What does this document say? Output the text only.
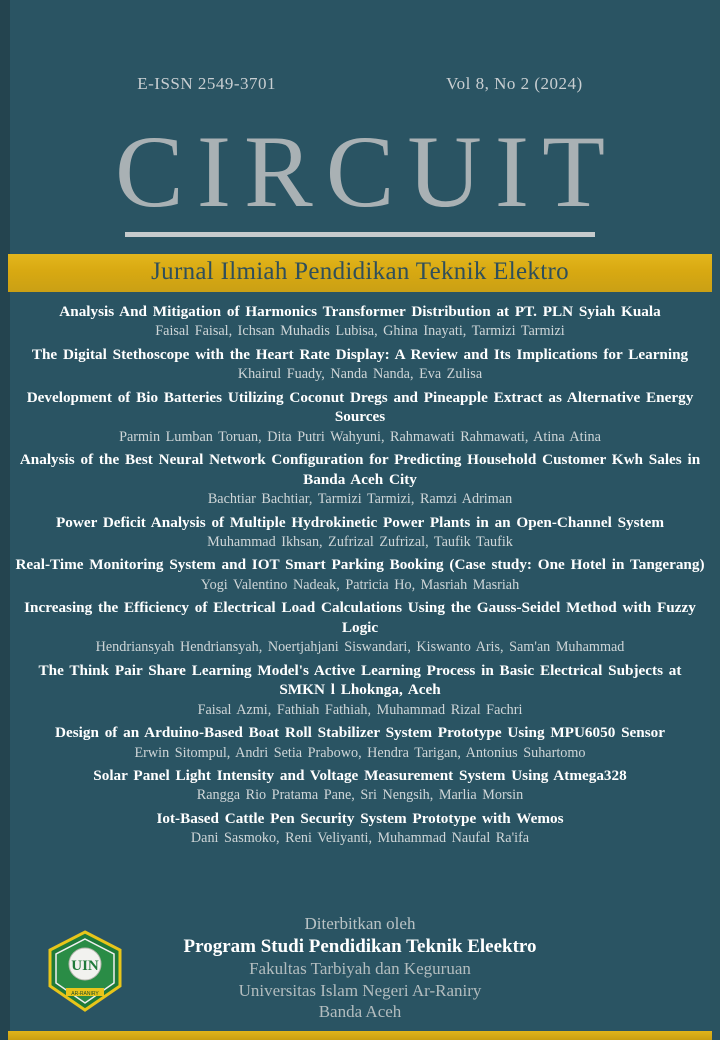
E-ISSN 2549-3701	Vol 8, No 2 (2024)
CIRCUIT
Jurnal Ilmiah Pendidikan Teknik Elektro
Analysis And Mitigation of Harmonics Transformer Distribution at PT. PLN Syiah Kuala
Faisal Faisal, Ichsan Muhadis Lubisa, Ghina Inayati, Tarmizi Tarmizi
The Digital Stethoscope with the Heart Rate Display: A Review and Its Implications for Learning
Khairul Fuady, Nanda Nanda, Eva Zulisa
Development of Bio Batteries Utilizing Coconut Dregs and Pineapple Extract as Alternative Energy Sources
Parmin Lumban Toruan, Dita Putri Wahyuni, Rahmawati Rahmawati, Atina Atina
Analysis of the Best Neural Network Configuration for Predicting Household Customer Kwh Sales in Banda Aceh City
Bachtiar Bachtiar, Tarmizi Tarmizi, Ramzi Adriman
Power Deficit Analysis of Multiple Hydrokinetic Power Plants in an Open-Channel System
Muhammad Ikhsan, Zufrizal Zufrizal, Taufik Taufik
Real-Time Monitoring System and IOT Smart Parking Booking (Case study: One Hotel in Tangerang)
Yogi Valentino Nadeak, Patricia Ho, Masriah Masriah
Increasing the Efficiency of Electrical Load Calculations Using the Gauss-Seidel Method with Fuzzy Logic
Hendriansyah Hendriansyah, Noertjahjani Siswandari, Kiswanto Aris, Sam'an Muhammad
The Think Pair Share Learning Model's Active Learning Process in Basic Electrical Subjects at SMKN l Lhoknga, Aceh
Faisal Azmi, Fathiah Fathiah, Muhammad Rizal Fachri
Design of an Arduino-Based Boat Roll Stabilizer System Prototype Using MPU6050 Sensor
Erwin Sitompul, Andri Setia Prabowo, Hendra Tarigan, Antonius Suhartomo
Solar Panel Light Intensity and Voltage Measurement System Using Atmega328
Rangga Rio Pratama Pane, Sri Nengsih, Marlia Morsin
Iot-Based Cattle Pen Security System Prototype with Wemos
Dani Sasmoko, Reni Veliyanti, Muhammad Naufal Ra'ifa
UIN
AR-RANIRY
Diterbitkan oleh
Program Studi Pendidikan Teknik Eleektro
Fakultas Tarbiyah dan Keguruan
Universitas Islam Negeri Ar-Raniry
Banda Aceh
